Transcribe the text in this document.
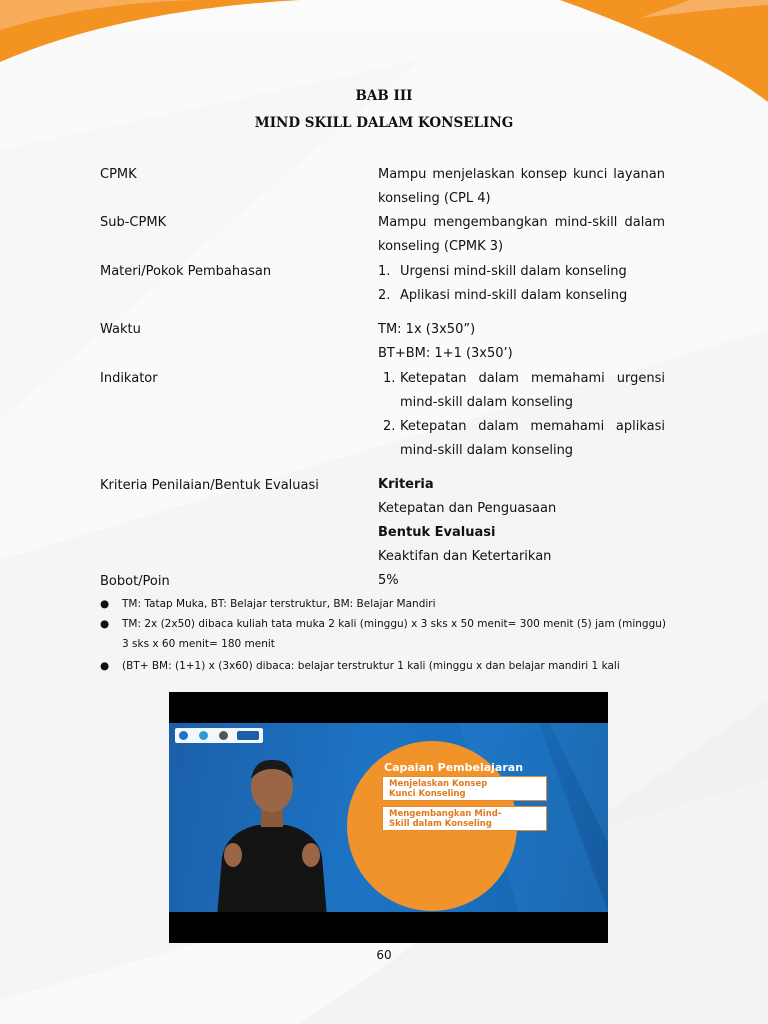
BAB III
MIND SKILL DALAM KONSELING
CPMK	Mampu menjelaskan konsep kunci layanan
konseling (CPL 4)
Sub-CPMK	Mampu mengembangkan mind-skill dalam
konseling (CPMK 3)
Materi/Pokok Pembahasan	1. Urgensi mind-skill dalam konseling
2. Aplikasi mind-skill dalam konseling
Waktu	TM: 1x (3x50”)
BT+BM: 1+1 (3x50’)
Indikator	1. Ketepatan dalam memahami urgensi
mind-skill dalam konseling
2. Ketepatan dalam memahami aplikasi
mind-skill dalam konseling
Kriteria Penilaian/Bentuk Evaluasi	Kriteria
Ketepatan dan Penguasaan
Bentuk Evaluasi
Keaktifan dan Ketertarikan
Bobot/Poin	5%
● TM: Tatap Muka, BT: Belajar terstruktur, BM: Belajar Mandiri
● TM: 2x (2x50) dibaca kuliah tata muka 2 kali (minggu) x 3 sks x 50 menit= 300 menit (5) jam (minggu) 3 sks x 60 menit= 180 menit
● (BT+ BM: (1+1) x (3x60) dibaca: belajar terstruktur 1 kali (minggu x dan belajar mandiri 1 kali
Capaian Pembelajaran
Menjelaskan Konsep
Kunci Konseling
Mengembangkan Mind-
Skill dalam Konseling
60
